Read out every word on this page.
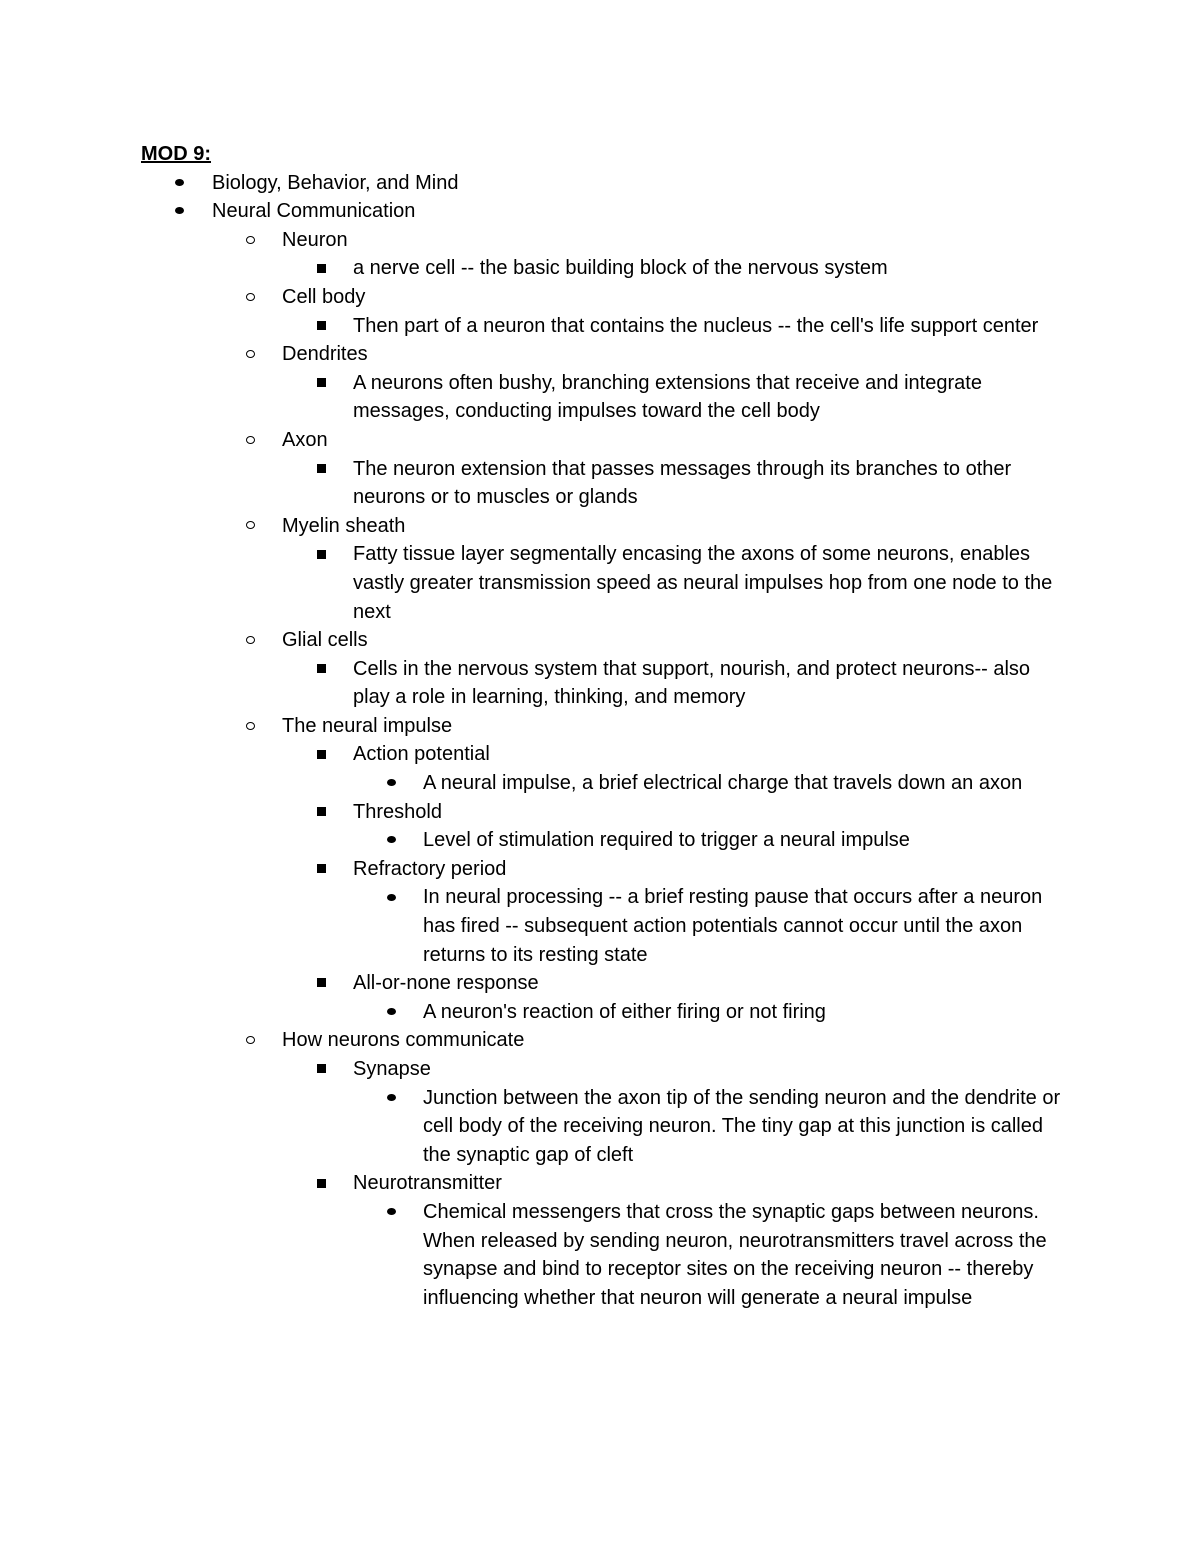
MOD 9:
Biology, Behavior, and Mind
Neural Communication
Neuron
a nerve cell -- the basic building block of the nervous system
Cell body
Then part of a neuron that contains the nucleus -- the cell's life support center
Dendrites
A neurons often bushy, branching extensions that receive and integrate messages, conducting impulses toward the cell body
Axon
The neuron extension that passes messages through its branches to other neurons or to muscles or glands
Myelin sheath
Fatty tissue layer segmentally encasing the axons of some neurons, enables vastly greater transmission speed as neural impulses hop from one node to the next
Glial cells
Cells in the nervous system that support, nourish, and protect neurons-- also play a role in learning, thinking, and memory
The neural impulse
Action potential
A neural impulse, a brief electrical charge that travels down an axon
Threshold
Level of stimulation required to trigger a neural impulse
Refractory period
In neural processing -- a brief resting pause that occurs after a neuron has fired -- subsequent action potentials cannot occur until the axon returns to its resting state
All-or-none response
A neuron's reaction of either firing or not firing
How neurons communicate
Synapse
Junction between the axon tip of the sending neuron and the dendrite or cell body of the receiving neuron. The tiny gap at this junction is called the synaptic gap of cleft
Neurotransmitter
Chemical messengers that cross the synaptic gaps between neurons. When released by sending neuron, neurotransmitters travel across the synapse and bind to receptor sites on the receiving neuron -- thereby influencing whether that neuron will generate a neural impulse
